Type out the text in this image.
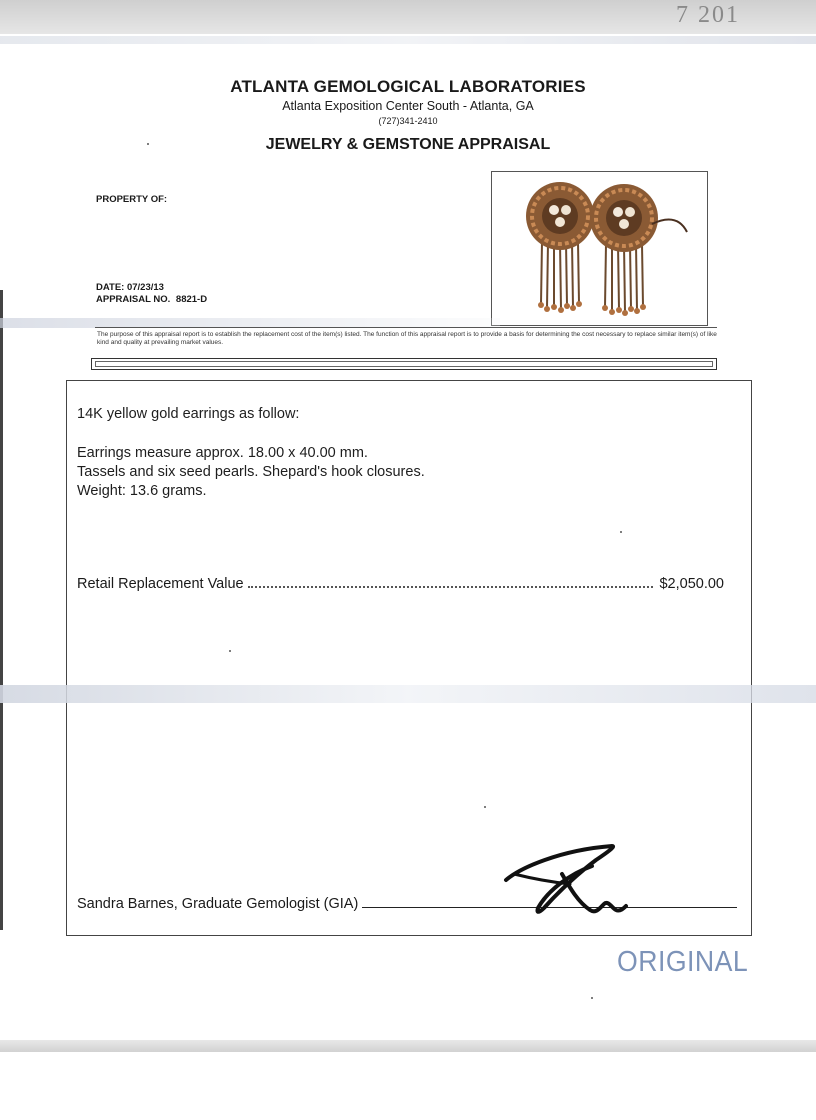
7 201
ATLANTA GEMOLOGICAL LABORATORIES
Atlanta Exposition Center South - Atlanta, GA
(727)341-2410
JEWELRY & GEMSTONE APPRAISAL
PROPERTY OF:
DATE: 07/23/13
APPRAISAL NO. 8821-D
The purpose of this appraisal report is to establish the replacement cost of the item(s) listed. The function of this appraisal report is to provide a basis for determining the cost necessary to replace similar item(s) of like kind and quality at prevailing market values.
14K yellow gold earrings as follow:
Earrings measure approx. 18.00 x 40.00 mm.
Tassels and six seed pearls. Shepard's hook closures.
Weight: 13.6 grams.
Retail Replacement Value	$2,050.00
Sandra Barnes, Graduate Gemologist (GIA)
ORIGINAL
